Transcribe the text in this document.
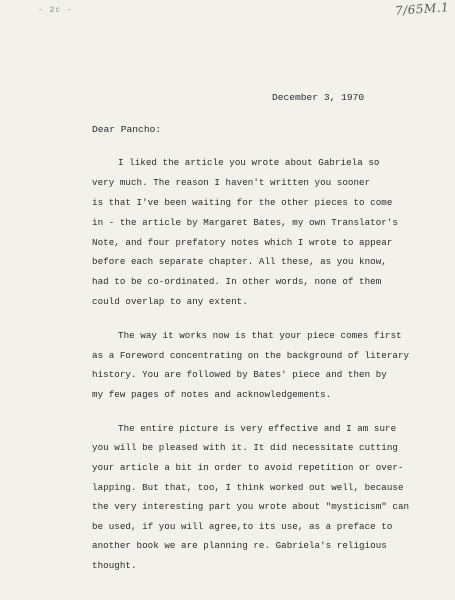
- 2c -	7/65M.1
December 3, 1970
Dear Pancho:
I liked the article you wrote about Gabriela so
very much. The reason I haven't written you sooner
is that I've been waiting for the other pieces to come
in - the article by Margaret Bates, my own Translator's
Note, and four prefatory notes which I wrote to appear
before each separate chapter. All these, as you know,
had to be co-ordinated. In other words, none of them
could overlap to any extent.
The way it works now is that your piece comes first
as a Foreword concentrating on the background of literary
history. You are followed by Bates' piece and then by
my few pages of notes and acknowledgements.
The entire picture is very effective and I am sure
you will be pleased with it. It did necessitate cutting
your article a bit in order to avoid repetition or over-
lapping. But that, too, I think worked out well, because
the very interesting part you wrote about "mysticism" can
be used, if you will agree,to its use, as a preface to
another book we are planning re. Gabriela's religious
thought.
